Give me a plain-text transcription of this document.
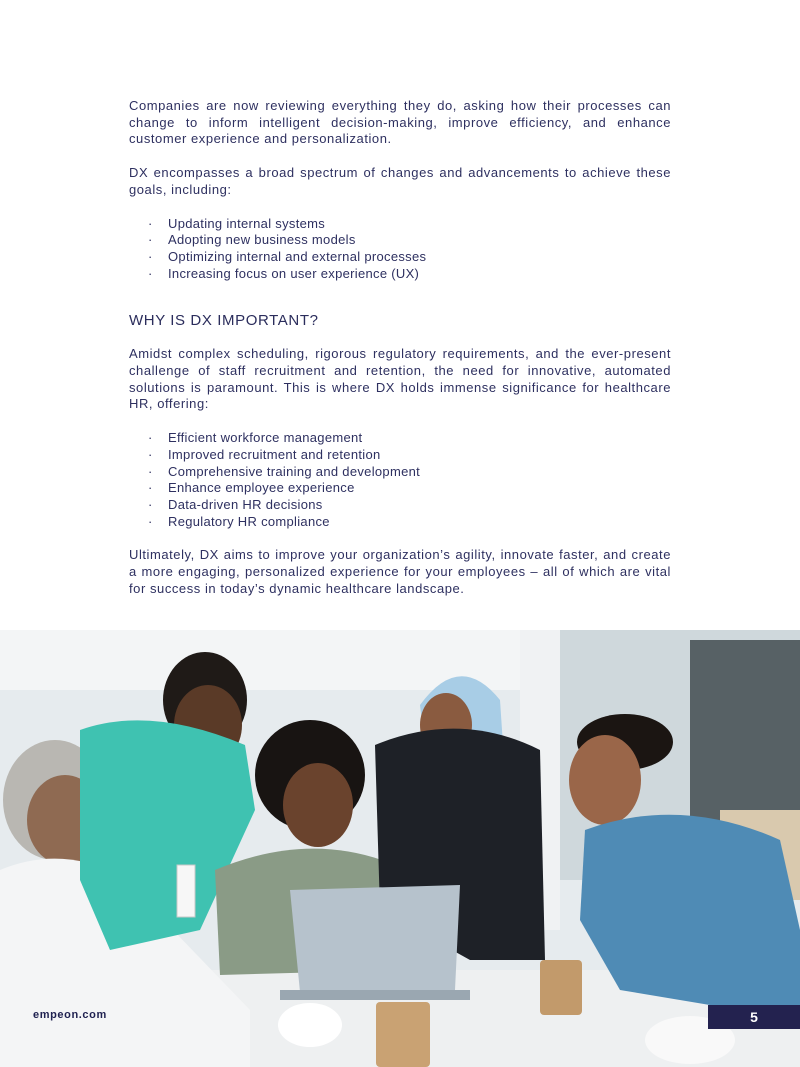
Companies are now reviewing everything they do, asking how their processes can change to inform intelligent decision-making, improve efficiency, and enhance customer experience and personalization.

DX encompasses a broad spectrum of changes and advancements to achieve these goals, including:

· Updating internal systems
· Adopting new business models
· Optimizing internal and external processes
· Increasing focus on user experience (UX)
WHY IS DX IMPORTANT?

Amidst complex scheduling, rigorous regulatory requirements, and the ever-present challenge of staff recruitment and retention, the need for innovative, automated solutions is paramount. This is where DX holds immense significance for healthcare HR, offering:

· Efficient workforce management
· Improved recruitment and retention
· Comprehensive training and development
· Enhance employee experience
· Data-driven HR decisions
· Regulatory HR compliance

Ultimately, DX aims to improve your organization’s agility, innovate faster, and create a more engaging, personalized experience for your employees – all of which are vital for success in today’s dynamic healthcare landscape.

empeon.com	5
